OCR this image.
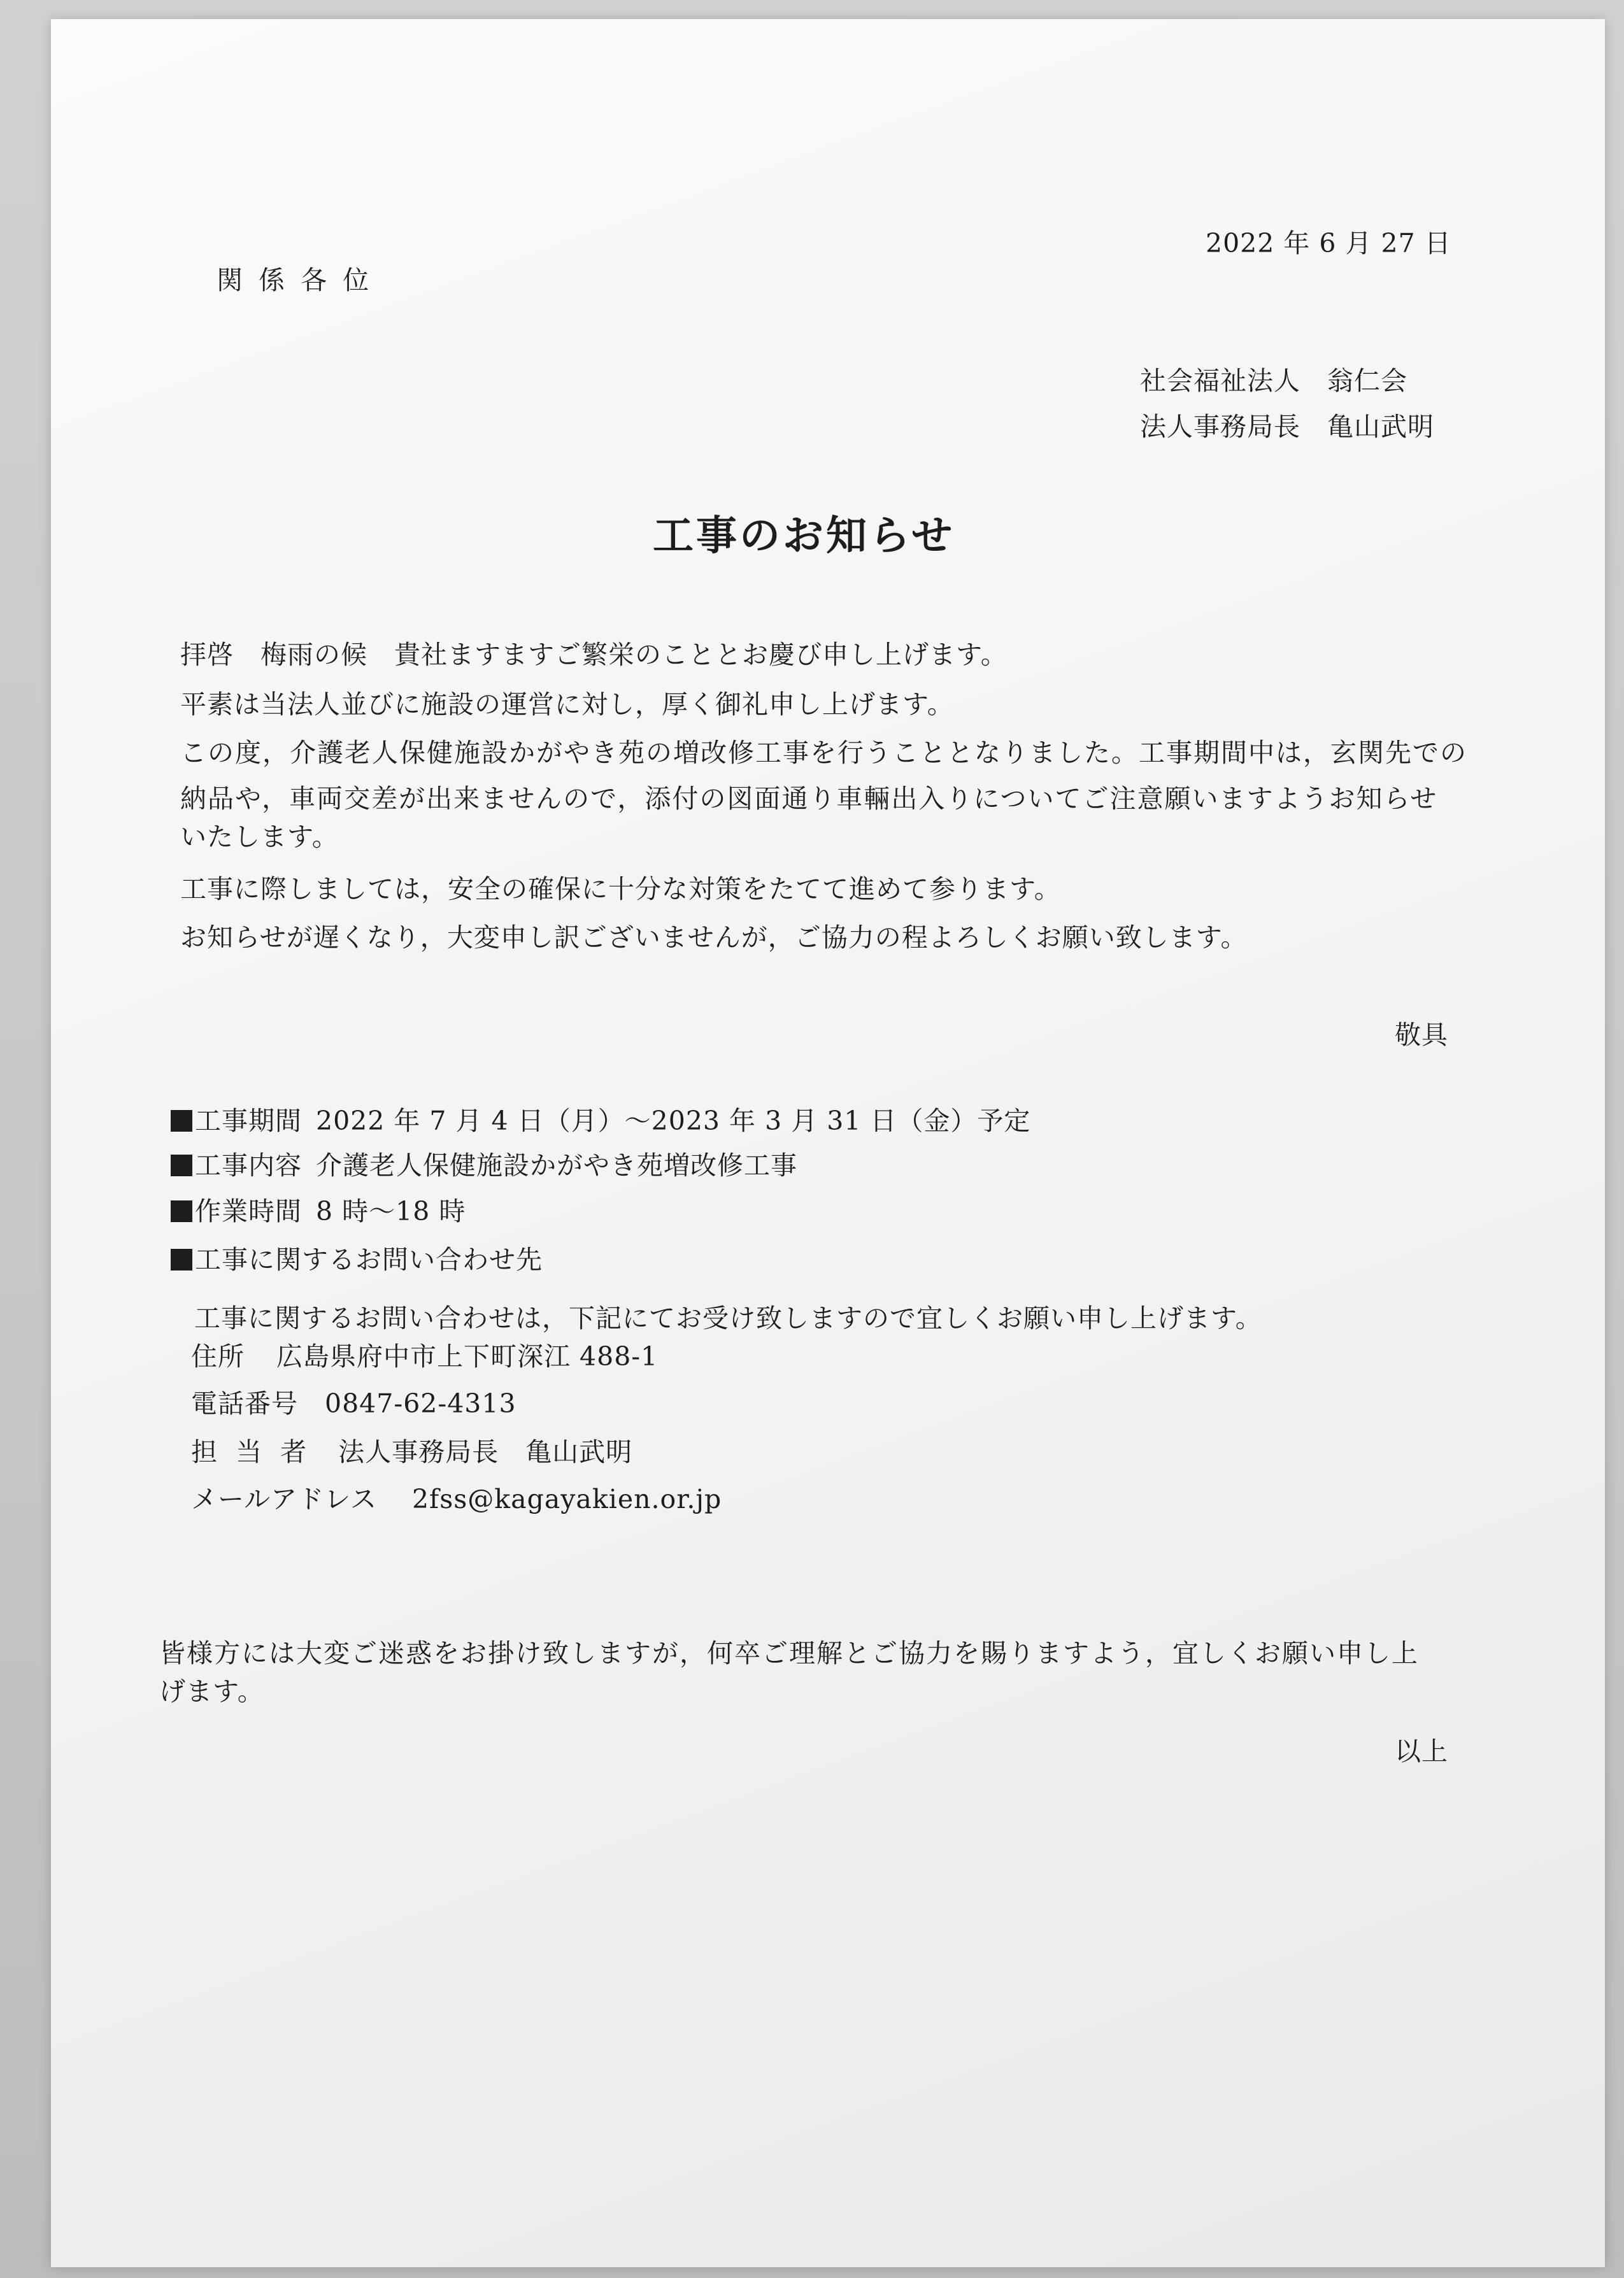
2022 年 6 月 27 日
関 係 各 位
社会福祉法人　翁仁会
法人事務局長　亀山武明
工事のお知らせ
拝啓　梅雨の候　貴社ますますご繁栄のこととお慶び申し上げます。
平素は当法人並びに施設の運営に対し，厚く御礼申し上げます。
この度，介護老人保健施設かがやき苑の増改修工事を行うこととなりました。工事期間中は，玄関先での
納品や，車両交差が出来ませんので，添付の図面通り車輛出入りについてご注意願いますようお知らせ
いたします。
工事に際しましては，安全の確保に十分な対策をたてて進めて参ります。
お知らせが遅くなり，大変申し訳ございませんが，ご協力の程よろしくお願い致します。
敬具
工事期間 2022 年 7 月 4 日（月）～2023 年 3 月 31 日（金）予定
工事内容 介護老人保健施設かがやき苑増改修工事
作業時間 8 時～18 時
工事に関するお問い合わせ先
工事に関するお問い合わせは，下記にてお受け致しますので宜しくお願い申し上げます。
住所 広島県府中市上下町深江 488-1
電話番号 0847-62-4313
担 当 者 法人事務局長　亀山武明
メールアドレス 2fss@kagayakien.or.jp
皆様方には大変ご迷惑をお掛け致しますが，何卒ご理解とご協力を賜りますよう，宜しくお願い申し上
げます。
以上
